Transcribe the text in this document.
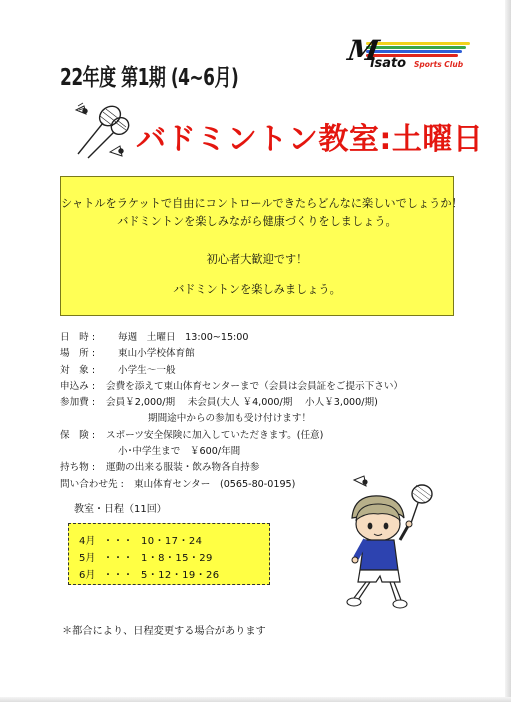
M
isato Sports Club
22年度 第1期 (4~6月)
バドミントン教室:土曜日
シャトルをラケットで自由にコントロールできたらどんなに楽しいでしょうか！
バドミントンを楽しみながら健康づくりをしましょう。
初心者大歓迎です！
バドミントンを楽しみましょう。
日　時 : 毎週　土曜日　13:00~15:00
場　所 : 東山小学校体育館
対　象 : 小学生～一般
申込み : 会費を添えて東山体育センターまで（会員は会員証をご提示下さい）
参加費 : 会員￥2,000/期　 未会員(大人 ￥4,000/期　 小人￥3,000/期)
期間途中からの参加も受け付けます！
保　険 : スポーツ安全保険に加入していただきます。(任意)
小･中学生まで　￥600/年間
持ち物 : 運動の出来る服装・飲み物各自持参
問い合わせ先 : 東山体育センター　(0565-80-0195)
教室・日程（11回）
4月 ・・・ 10・17・24
5月 ・・・ 1・8・15・29
6月 ・・・ 5・12・19・26
＊都合により、日程変更する場合があります
